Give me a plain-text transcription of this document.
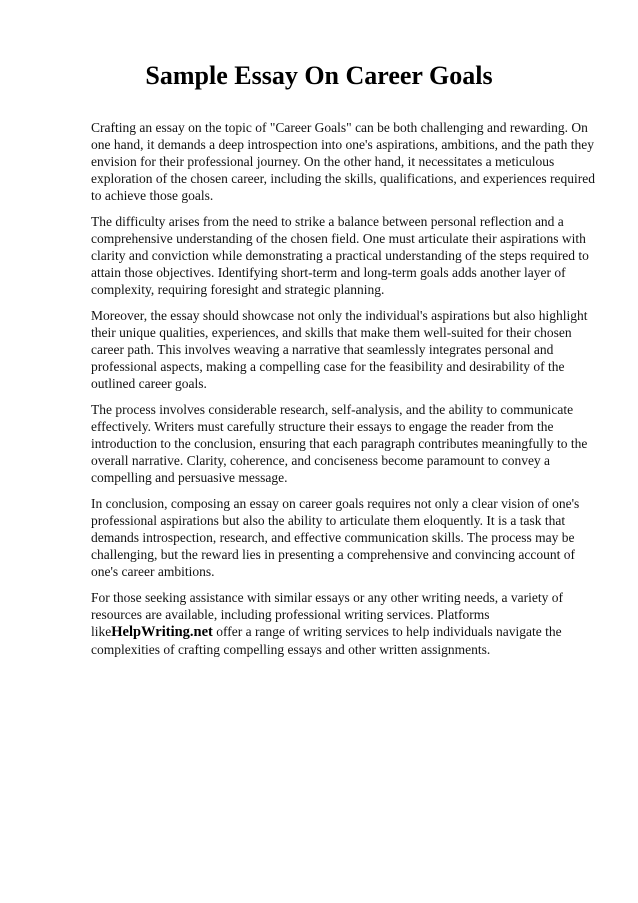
Sample Essay On Career Goals

Crafting an essay on the topic of "Career Goals" can be both challenging and rewarding. On one hand, it demands a deep introspection into one's aspirations, ambitions, and the path they envision for their professional journey. On the other hand, it necessitates a meticulous exploration of the chosen career, including the skills, qualifications, and experiences required to achieve those goals.

The difficulty arises from the need to strike a balance between personal reflection and a comprehensive understanding of the chosen field. One must articulate their aspirations with clarity and conviction while demonstrating a practical understanding of the steps required to attain those objectives. Identifying short-term and long-term goals adds another layer of complexity, requiring foresight and strategic planning.

Moreover, the essay should showcase not only the individual's aspirations but also highlight their unique qualities, experiences, and skills that make them well-suited for their chosen career path. This involves weaving a narrative that seamlessly integrates personal and professional aspects, making a compelling case for the feasibility and desirability of the outlined career goals.

The process involves considerable research, self-analysis, and the ability to communicate effectively. Writers must carefully structure their essays to engage the reader from the introduction to the conclusion, ensuring that each paragraph contributes meaningfully to the overall narrative. Clarity, coherence, and conciseness become paramount to convey a compelling and persuasive message.

In conclusion, composing an essay on career goals requires not only a clear vision of one's professional aspirations but also the ability to articulate them eloquently. It is a task that demands introspection, research, and effective communication skills. The process may be challenging, but the reward lies in presenting a comprehensive and convincing account of one's career ambitions.

For those seeking assistance with similar essays or any other writing needs, a variety of resources are available, including professional writing services. Platforms likeHelpWriting.net offer a range of writing services to help individuals navigate the complexities of crafting compelling essays and other written assignments.
